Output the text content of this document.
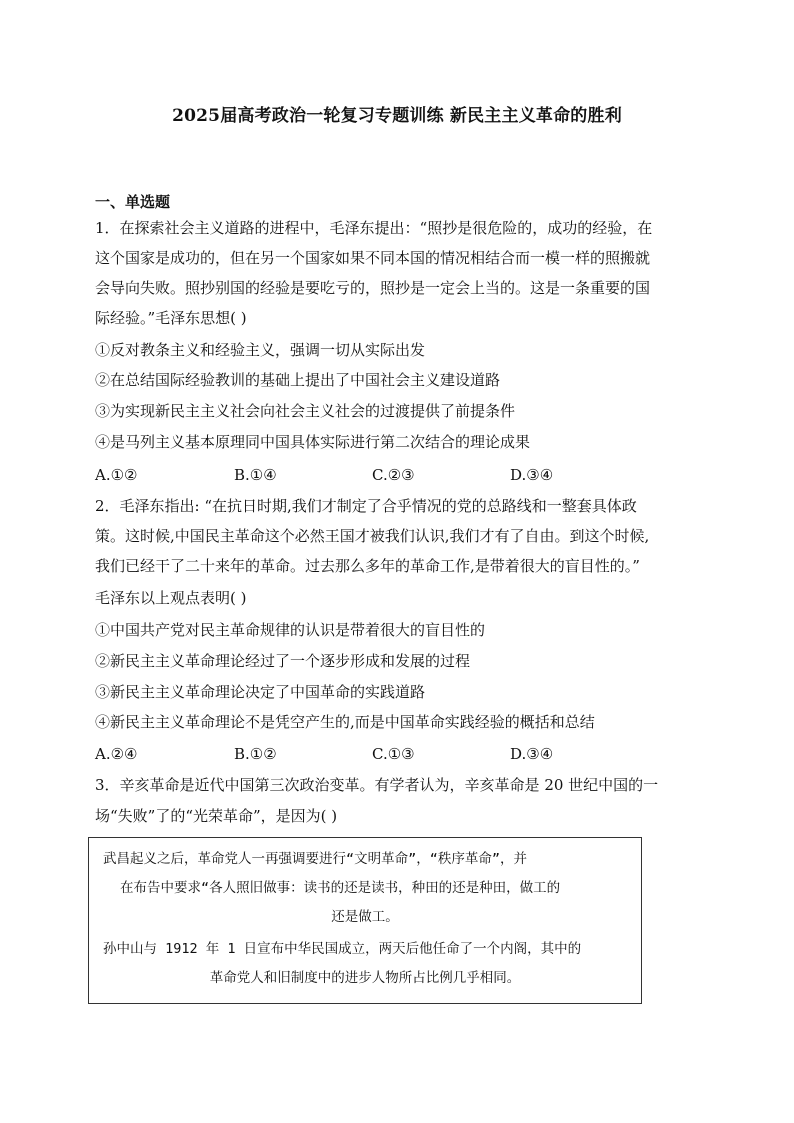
2025届高考政治一轮复习专题训练 新民主主义革命的胜利
一、单选题
1．在探索社会主义道路的进程中，毛泽东提出：“照抄是很危险的，成功的经验，在
这个国家是成功的，但在另一个国家如果不同本国的情况相结合而一模一样的照搬就
会导向失败。照抄别国的经验是要吃亏的，照抄是一定会上当的。这是一条重要的国
际经验。”毛泽东思想( )
①反对教条主义和经验主义，强调一切从实际出发
②在总结国际经验教训的基础上提出了中国社会主义建设道路
③为实现新民主主义社会向社会主义社会的过渡提供了前提条件
④是马列主义基本原理同中国具体实际进行第二次结合的理论成果
A.①②	B.①④	C.②③	D.③④
2．毛泽东指出: “在抗日时期,我们才制定了合乎情况的党的总路线和一整套具体政
策。这时候,中国民主革命这个必然王国才被我们认识,我们才有了自由。到这个时候,
我们已经干了二十来年的革命。过去那么多年的革命工作,是带着很大的盲目性的。”
毛泽东以上观点表明( )
①中国共产党对民主革命规律的认识是带着很大的盲目性的
②新民主主义革命理论经过了一个逐步形成和发展的过程
③新民主主义革命理论决定了中国革命的实践道路
④新民主主义革命理论不是凭空产生的,而是中国革命实践经验的概括和总结
A.②④	B.①②	C.①③	D.③④
3．辛亥革命是近代中国第三次政治变革。有学者认为，辛亥革命是 20 世纪中国的一
场“失败”了的“光荣革命”，是因为( )
武昌起义之后，革命党人一再强调要进行“文明革命”，“秩序革命”，并
在布告中要求“各人照旧做事：读书的还是读书，种田的还是种田，做工的
还是做工。
孙中山与 1912 年 1 日宣布中华民国成立，两天后他任命了一个内阁，其中的
革命党人和旧制度中的进步人物所占比例几乎相同。
